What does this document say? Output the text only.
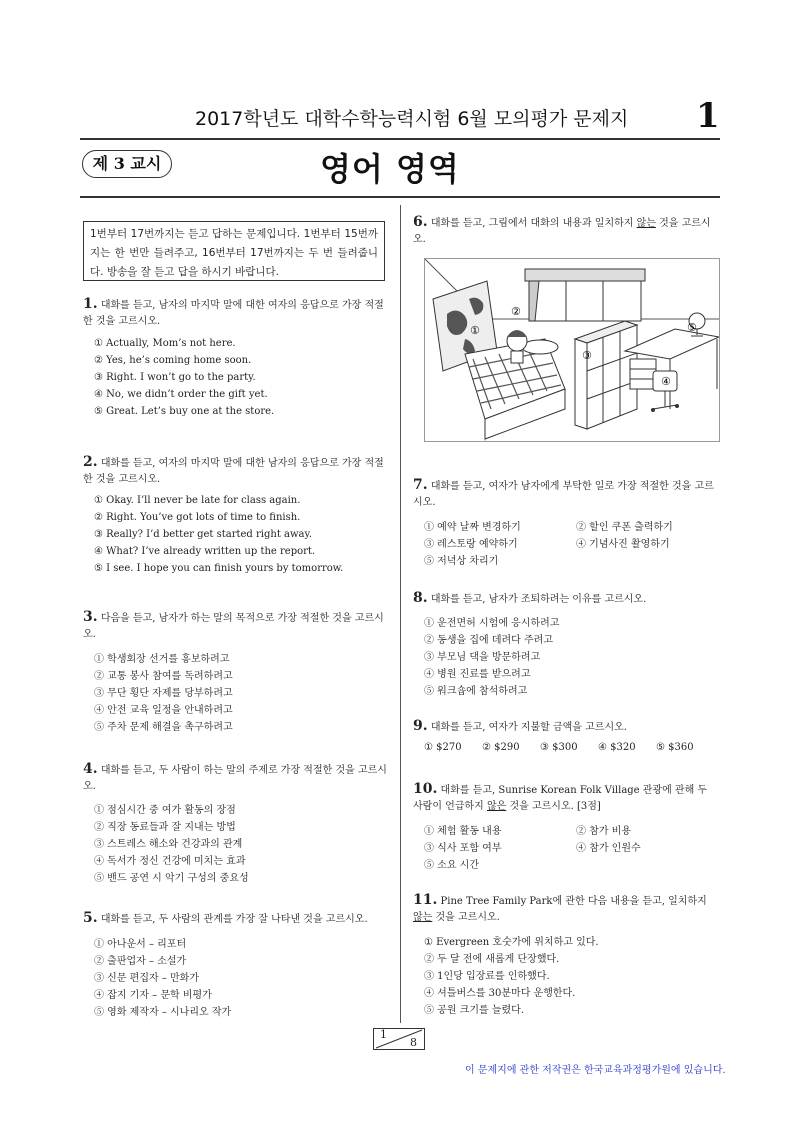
2017학년도 대학수학능력시험 6월 모의평가 문제지 1
제 3 교시	영어 영역
1번부터 17번까지는 듣고 답하는 문제입니다. 1번부터 15번까지는 한 번만 들려주고, 16번부터 17번까지는 두 번 들려줍니다. 방송을 잘 듣고 답을 하시기 바랍니다.
1. 대화를 듣고, 남자의 마지막 말에 대한 여자의 응답으로 가장 적절한 것을 고르시오.
① Actually, Mom’s not here.
② Yes, he’s coming home soon.
③ Right. I won’t go to the party.
④ No, we didn’t order the gift yet.
⑤ Great. Let’s buy one at the store.
2. 대화를 듣고, 여자의 마지막 말에 대한 남자의 응답으로 가장 적절한 것을 고르시오.
① Okay. I’ll never be late for class again.
② Right. You’ve got lots of time to finish.
③ Really? I’d better get started right away.
④ What? I’ve already written up the report.
⑤ I see. I hope you can finish yours by tomorrow.
3. 다음을 듣고, 남자가 하는 말의 목적으로 가장 적절한 것을 고르시오.
① 학생회장 선거를 홍보하려고
② 교통 봉사 참여를 독려하려고
③ 무단 횡단 자제를 당부하려고
④ 안전 교육 일정을 안내하려고
⑤ 주차 문제 해결을 촉구하려고
4. 대화를 듣고, 두 사람이 하는 말의 주제로 가장 적절한 것을 고르시오.
① 점심시간 중 여가 활동의 장점
② 직장 동료들과 잘 지내는 방법
③ 스트레스 해소와 건강과의 관계
④ 독서가 정신 건강에 미치는 효과
⑤ 밴드 공연 시 악기 구성의 중요성
5. 대화를 듣고, 두 사람의 관계를 가장 잘 나타낸 것을 고르시오.
① 아나운서 – 리포터
② 출판업자 – 소설가
③ 신문 편집자 – 만화가
④ 잡지 기자 – 문학 비평가
⑤ 영화 제작자 – 시나리오 작가
6. 대화를 듣고, 그림에서 대화의 내용과 일치하지 않는 것을 고르시오.
①
②
③
④
⑤
7. 대화를 듣고, 여자가 남자에게 부탁한 일로 가장 적절한 것을 고르시오.
① 예약 날짜 변경하기	② 할인 쿠폰 출력하기
③ 레스토랑 예약하기	④ 기념사진 촬영하기
⑤ 저녁상 차리기
8. 대화를 듣고, 남자가 조퇴하려는 이유를 고르시오.
① 운전면허 시험에 응시하려고
② 동생을 집에 데려다 주려고
③ 부모님 댁을 방문하려고
④ 병원 진료를 받으려고
⑤ 워크숍에 참석하려고
9. 대화를 듣고, 여자가 지불할 금액을 고르시오.
① $270 ② $290 ③ $300 ④ $320 ⑤ $360
10. 대화를 듣고, Sunrise Korean Folk Village 관광에 관해 두 사람이 언급하지 않은 것을 고르시오. [3점]
① 체험 활동 내용	② 참가 비용
③ 식사 포함 여부	④ 참가 인원수
⑤ 소요 시간
11. Pine Tree Family Park에 관한 다음 내용을 듣고, 일치하지 않는 것을 고르시오.
① Evergreen 호숫가에 위치하고 있다.
② 두 달 전에 새롭게 단장했다.
③ 1인당 입장료를 인하했다.
④ 셔틀버스를 30분마다 운행한다.
⑤ 공원 크기를 늘렸다.
1
8
이 문제지에 관한 저작권은 한국교육과정평가원에 있습니다.
